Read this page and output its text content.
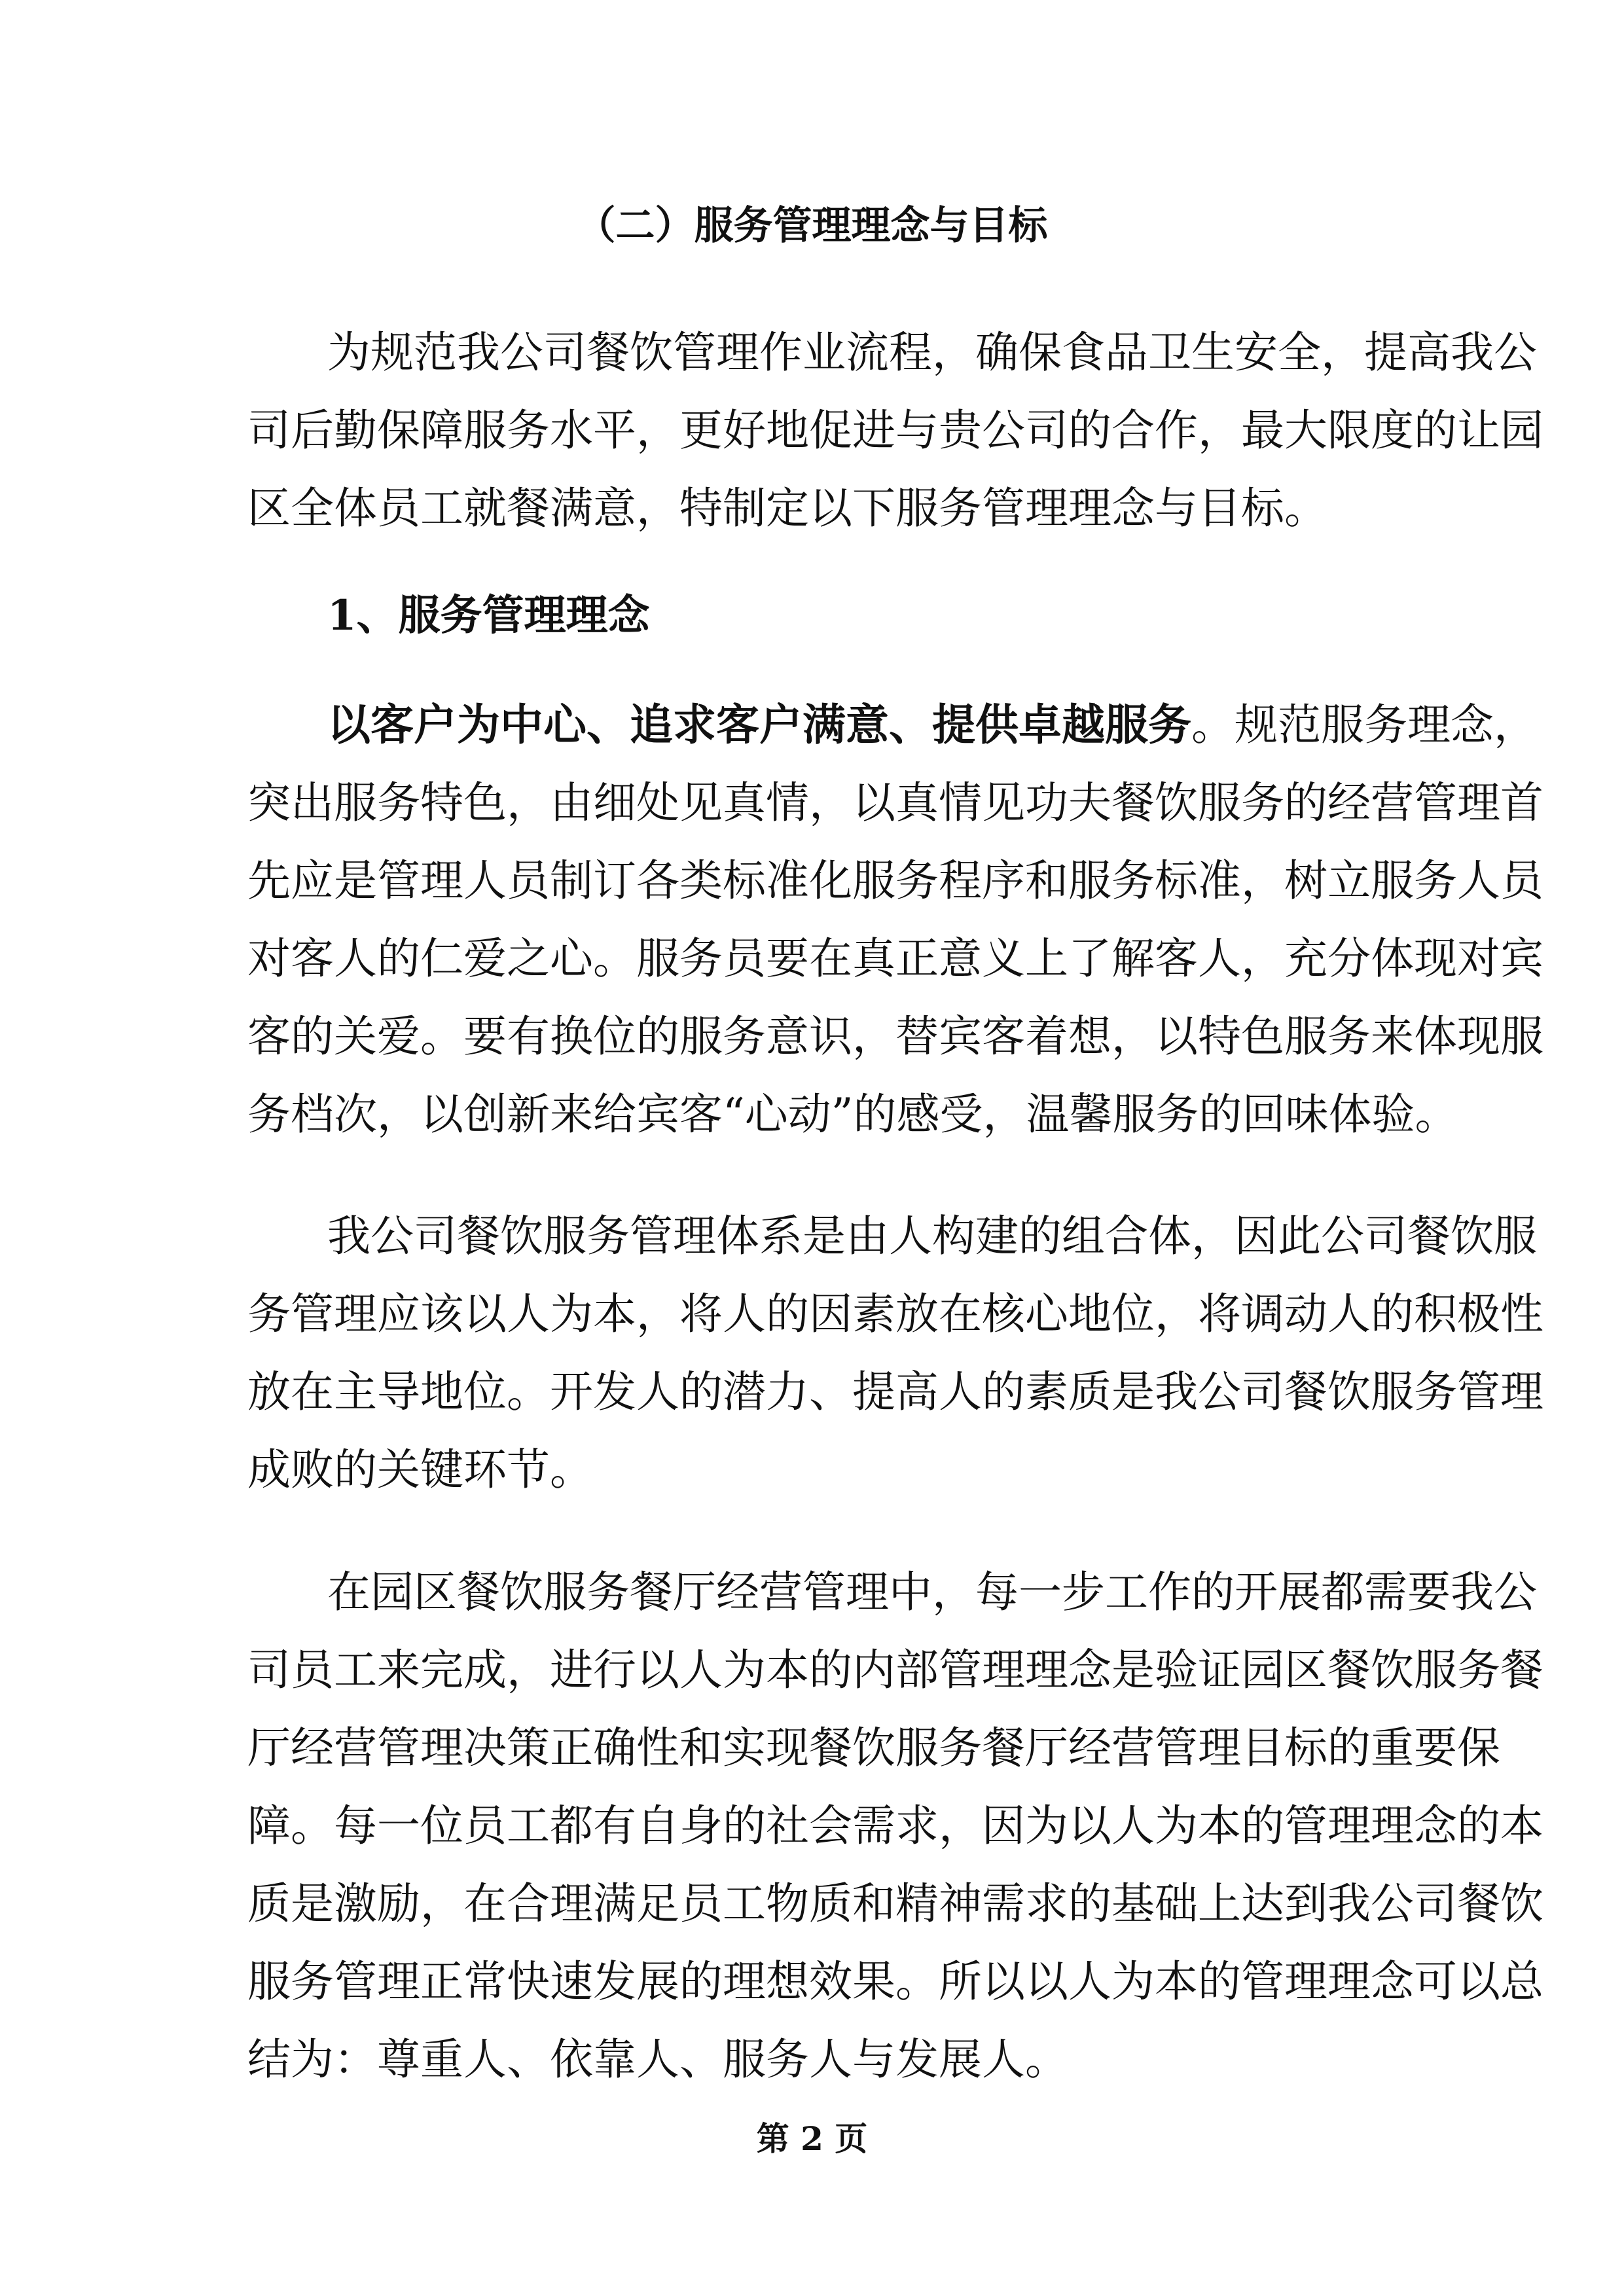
（二）服务管理理念与目标
为规范我公司餐饮管理作业流程，确保食品卫生安全，提高我公
司后勤保障服务水平，更好地促进与贵公司的合作，最大限度的让园
区全体员工就餐满意，特制定以下服务管理理念与目标。
1、服务管理理念
以客户为中心、追求客户满意、提供卓越服务。规范服务理念，
突出服务特色，由细处见真情，以真情见功夫餐饮服务的经营管理首
先应是管理人员制订各类标准化服务程序和服务标准，树立服务人员
对客人的仁爱之心。服务员要在真正意义上了解客人，充分体现对宾
客的关爱。要有换位的服务意识，替宾客着想，以特色服务来体现服
务档次，以创新来给宾客“心动”的感受，温馨服务的回味体验。
我公司餐饮服务管理体系是由人构建的组合体，因此公司餐饮服
务管理应该以人为本，将人的因素放在核心地位，将调动人的积极性
放在主导地位。开发人的潜力、提高人的素质是我公司餐饮服务管理
成败的关键环节。
在园区餐饮服务餐厅经营管理中，每一步工作的开展都需要我公
司员工来完成，进行以人为本的内部管理理念是验证园区餐饮服务餐
厅经营管理决策正确性和实现餐饮服务餐厅经营管理目标的重要保
障。每一位员工都有自身的社会需求，因为以人为本的管理理念的本
质是激励，在合理满足员工物质和精神需求的基础上达到我公司餐饮
服务管理正常快速发展的理想效果。所以以人为本的管理理念可以总
结为：尊重人、依靠人、服务人与发展人。
第 2 页
